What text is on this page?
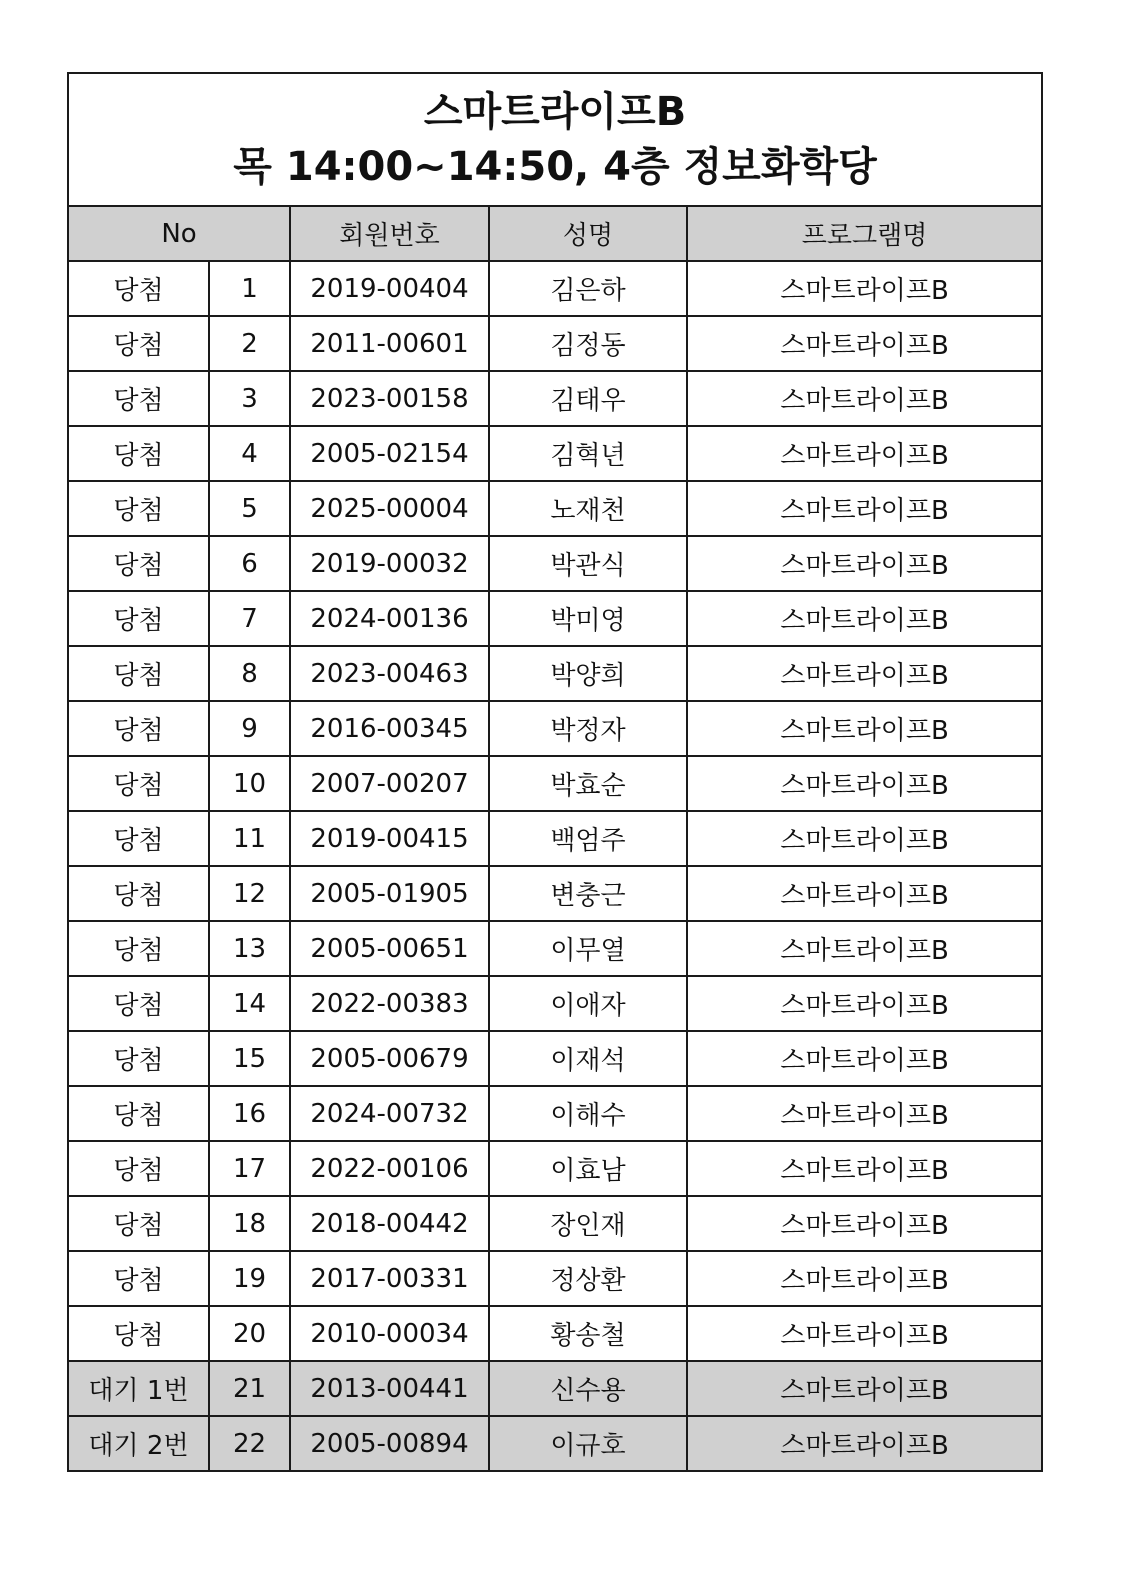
스마트라이프B
목 14:00~14:50, 4층 정보화학당				

No		회원번호	성명	프로그램명
당첨	1	2019-00404	김은하	스마트라이프B
당첨	2	2011-00601	김정동	스마트라이프B
당첨	3	2023-00158	김태우	스마트라이프B
당첨	4	2005-02154	김혁년	스마트라이프B
당첨	5	2025-00004	노재천	스마트라이프B
당첨	6	2019-00032	박관식	스마트라이프B
당첨	7	2024-00136	박미영	스마트라이프B
당첨	8	2023-00463	박양희	스마트라이프B
당첨	9	2016-00345	박정자	스마트라이프B
당첨	10	2007-00207	박효순	스마트라이프B
당첨	11	2019-00415	백엄주	스마트라이프B
당첨	12	2005-01905	변충근	스마트라이프B
당첨	13	2005-00651	이무열	스마트라이프B
당첨	14	2022-00383	이애자	스마트라이프B
당첨	15	2005-00679	이재석	스마트라이프B
당첨	16	2024-00732	이해수	스마트라이프B
당첨	17	2022-00106	이효남	스마트라이프B
당첨	18	2018-00442	장인재	스마트라이프B
당첨	19	2017-00331	정상환	스마트라이프B
당첨	20	2010-00034	황송철	스마트라이프B
대기 1번	21	2013-00441	신수용	스마트라이프B
대기 2번	22	2005-00894	이규호	스마트라이프B
